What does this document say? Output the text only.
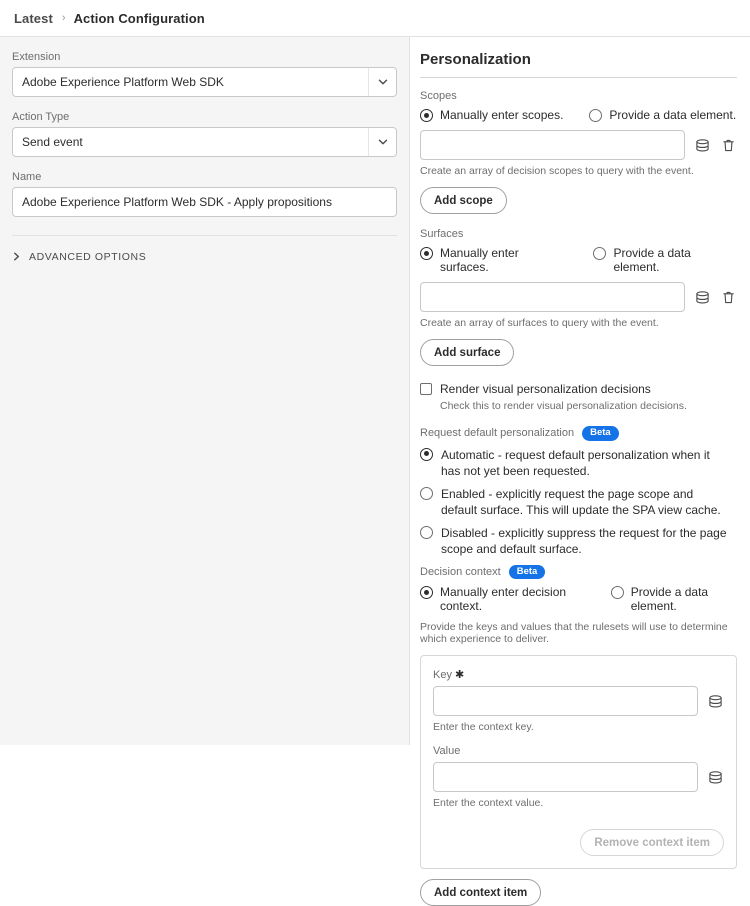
Latest › Action Configuration
Extension
Adobe Experience Platform Web SDK
Action Type
Send event
Name
Adobe Experience Platform Web SDK - Apply propositions
ADVANCED OPTIONS
Personalization
Scopes
Manually enter scopes.	Provide a data element.
Create an array of decision scopes to query with the event.
Add scope
Surfaces
Manually enter surfaces.
Provide a data element.
Create an array of surfaces to query with the event.
Add surface
Render visual personalization decisions
Check this to render visual personalization decisions.
Request default personalization	Beta
Automatic - request default personalization when it has not yet been requested.
Enabled - explicitly request the page scope and default surface. This will update the SPA view cache.
Disabled - explicitly suppress the request for the page scope and default surface.
Decision context	Beta
Manually enter decision context.
Provide a data element.
Provide the keys and values that the rulesets will use to determine which experience to deliver.
Key ✱
Enter the context key.
Value
Enter the context value.
Remove context item
Add context item
